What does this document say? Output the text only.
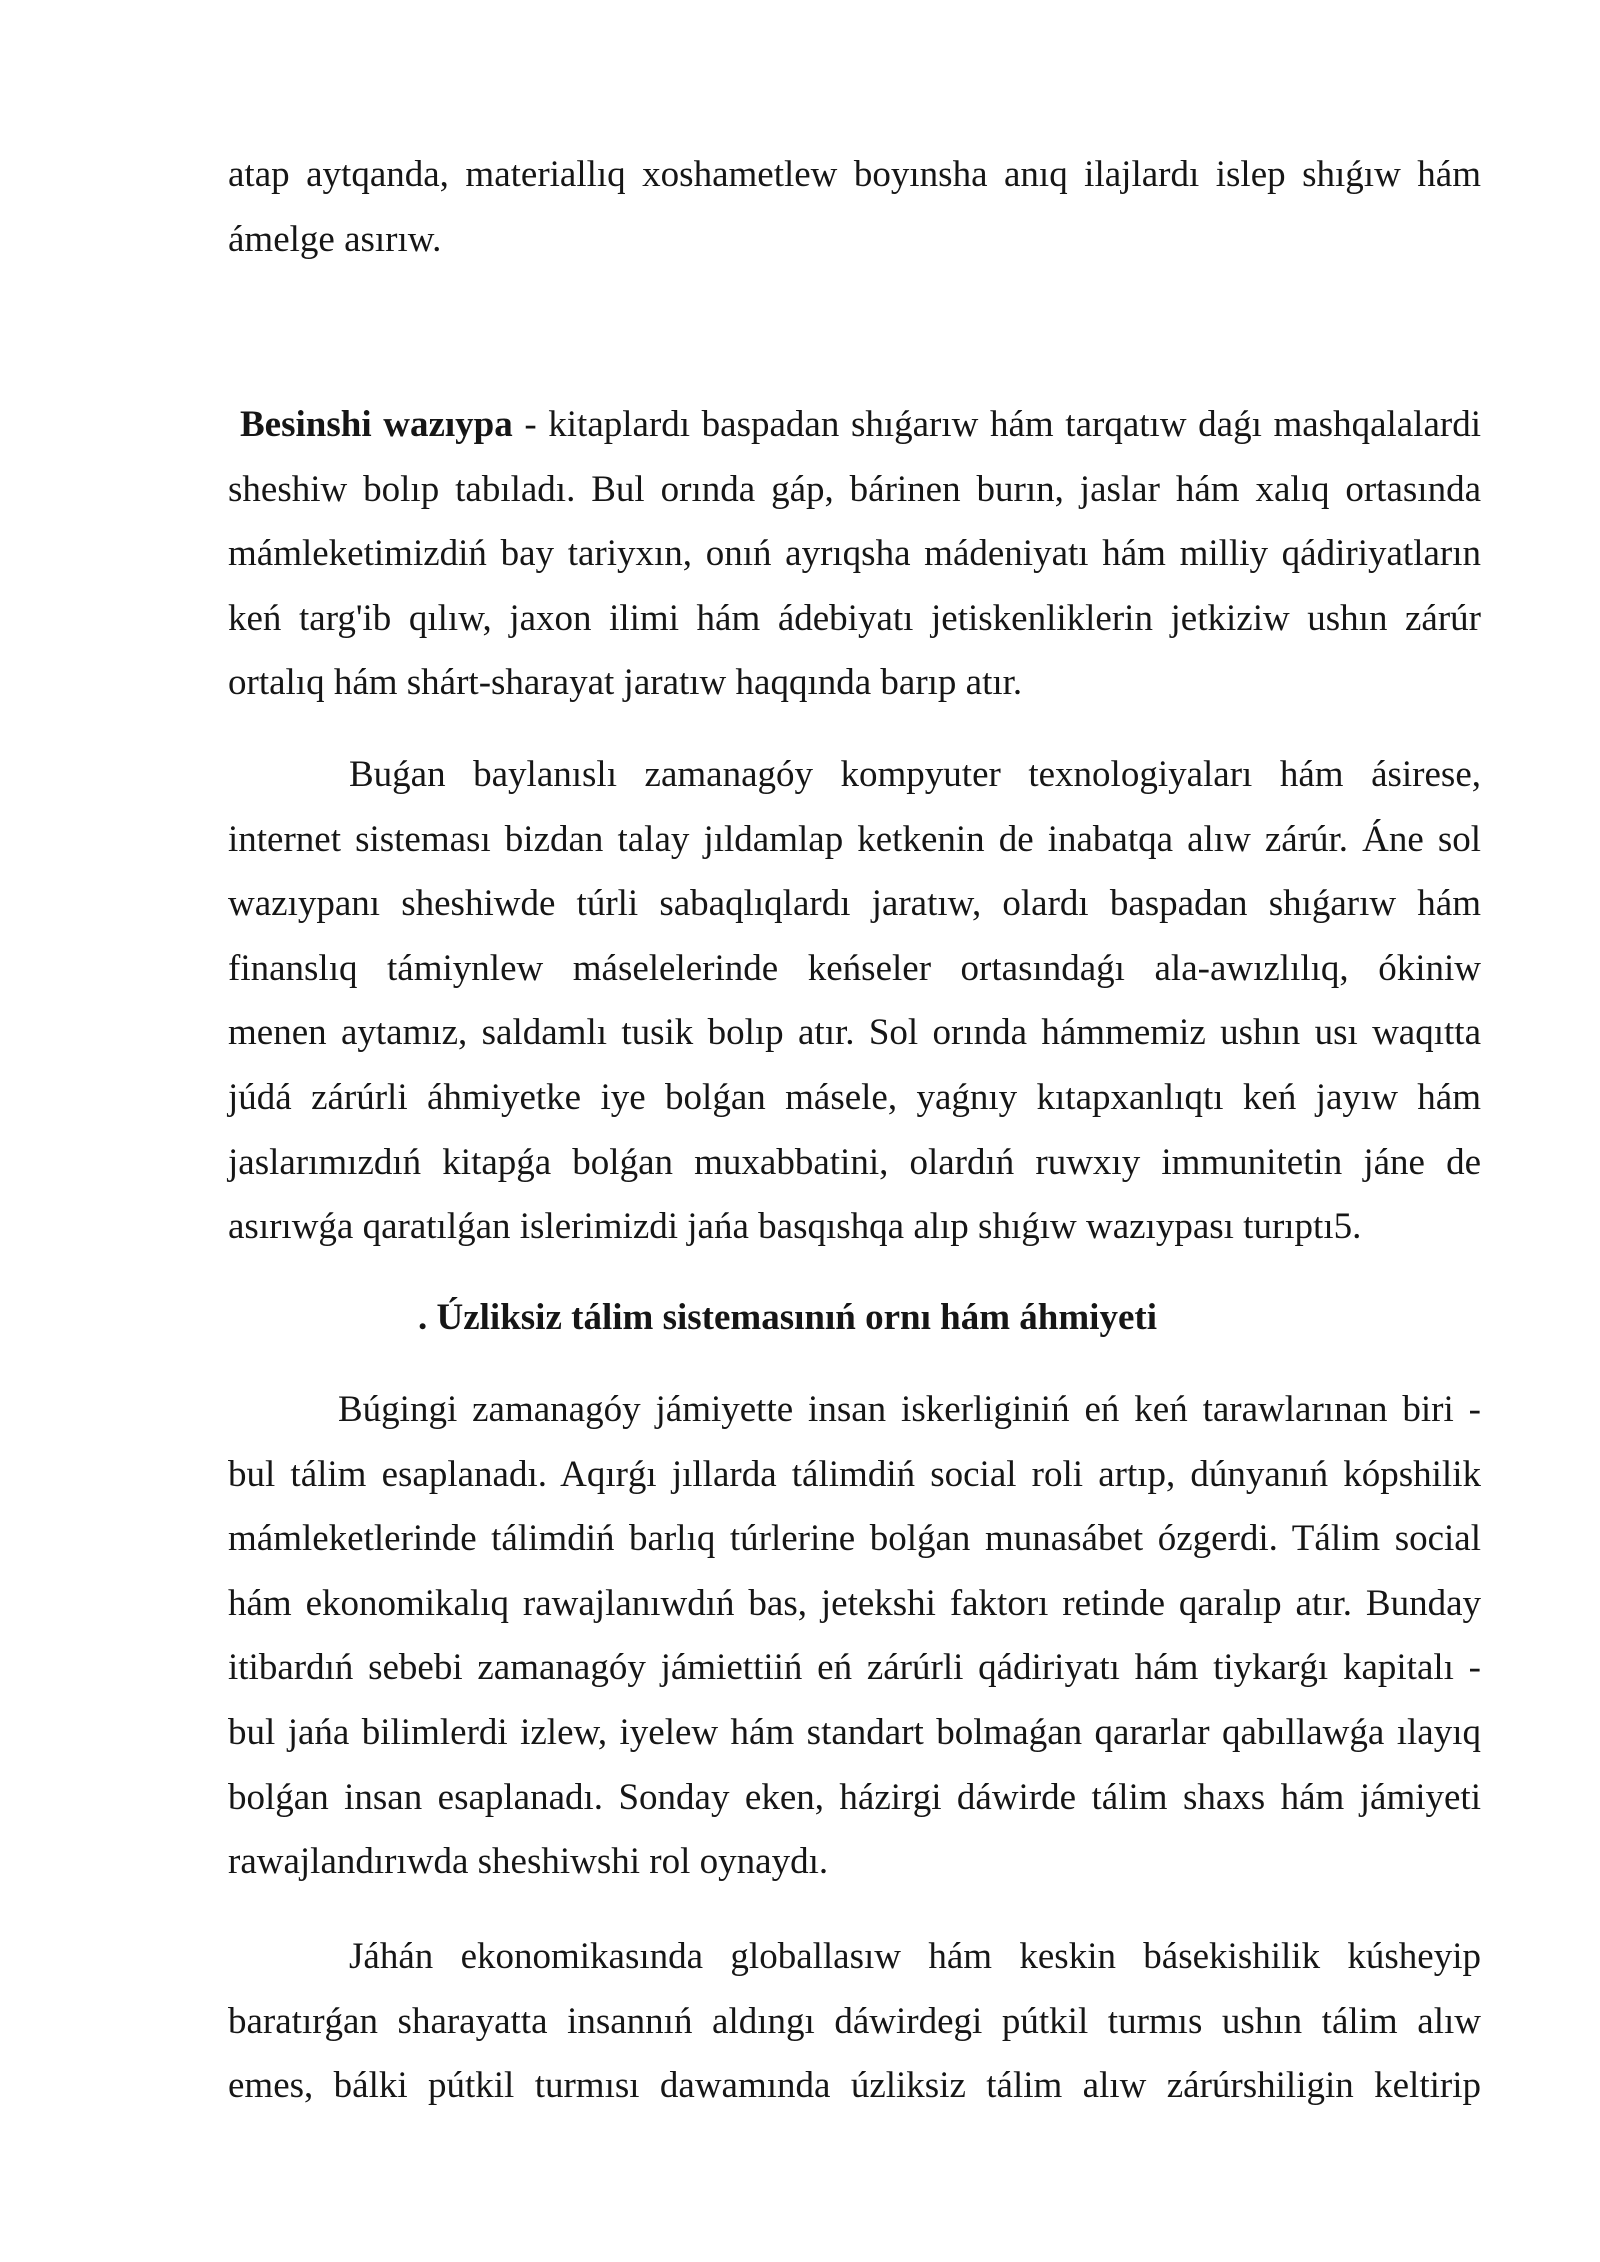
atap aytqanda, materiallıq xoshametlew boyınsha anıq ilajlardı islep shıǵıw hám
ámelge asırıw.
Besinshi wazıypa - kitaplardı baspadan shıǵarıw hám tarqatıw daǵı mashqalalardi
sheshiw bolıp tabıladı. Bul orında gáp, bárinen burın, jaslar hám xalıq ortasında
mámleketimizdiń bay tariyxın, onıń ayrıqsha mádeniyatı hám milliy qádiriyatların
keń targ'ib qılıw, jaxon ilimi hám ádebiyatı jetiskenliklerin jetkiziw ushın zárúr
ortalıq hám shárt-sharayat jaratıw haqqında barıp atır.
Buǵan baylanıslı zamanagóy kompyuter texnologiyaları hám ásirese,
internet sisteması bizdan talay jıldamlap ketkenin de inabatqa alıw zárúr. Áne sol
wazıypanı sheshiwde túrli sabaqlıqlardı jaratıw, olardı baspadan shıǵarıw hám
finanslıq támiynlew máselelerinde keńseler ortasındaǵı ala-awızlılıq, ókiniw
menen aytamız, saldamlı tusik bolıp atır. Sol orında hámmemiz ushın usı waqıtta
júdá zárúrli áhmiyetke iye bolǵan másele, yaǵnıy kıtapxanlıqtı keń jayıw hám
jaslarımızdıń kitapǵa bolǵan muxabbatini, olardıń ruwxıy immunitetin jáne de
asırıwǵa qaratılǵan islerimizdi jańa basqıshqa alıp shıǵıw wazıypası turıptı5.
. Úzliksiz tálim sistemasınıń ornı hám áhmiyeti
Búgingi zamanagóy jámiyette insan iskerliginiń eń keń tarawlarınan biri -
bul tálim esaplanadı. Aqırǵı jıllarda tálimdiń social roli artıp, dúnyanıń kópshilik
mámleketlerinde tálimdiń barlıq túrlerine bolǵan munasábet ózgerdi. Tálim social
hám ekonomikalıq rawajlanıwdıń bas, jetekshi faktorı retinde qaralıp atır. Bunday
itibardıń sebebi zamanagóy jámiettiiń eń zárúrli qádiriyatı hám tiykarǵı kapitalı -
bul jańa bilimlerdi izlew, iyelew hám standart bolmaǵan qararlar qabıllawǵa ılayıq
bolǵan insan esaplanadı. Sonday eken, házirgi dáwirde tálim shaxs hám jámiyeti
rawajlandırıwda sheshiwshi rol oynaydı.
Jáhán ekonomikasında globallasıw hám keskin básekishilik kúsheyip
baratırǵan sharayatta insannıń aldıngı dáwirdegi pútkil turmıs ushın tálim alıw
emes, bálki pútkil turmısı dawamında úzliksiz tálim alıw zárúrshiligin keltirip
